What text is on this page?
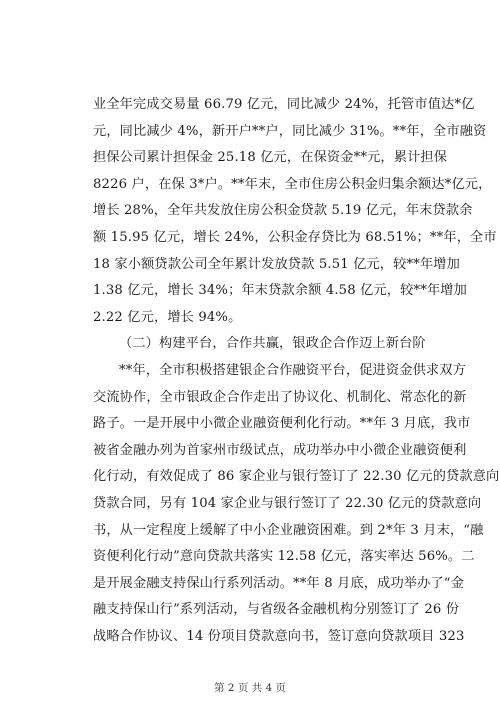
业全年完成交易量 66.79 亿元，同比减少 24%，托管市值达*亿
元，同比减少 4%，新开户**户，同比减少 31%。**年，全市融资
担保公司累计担保金 25.18 亿元，在保资金**元，累计担保
8226 户，在保 3*户。**年末，全市住房公积金归集余额达*亿元，
增长 28%，全年共发放住房公积金贷款 5.19 亿元，年末贷款余
额 15.95 亿元，增长 24%，公积金存贷比为 68.51%；**年，全市
18 家小额贷款公司全年累计发放贷款 5.51 亿元，较**年增加
1.38 亿元，增长 34%；年末贷款余额 4.58 亿元，较**年增加
2.22 亿元，增长 94%。
（二）构建平台，合作共赢，银政企合作迈上新台阶
**年，全市积极搭建银企合作融资平台，促进资金供求双方
交流协作，全市银政企合作走出了协议化、机制化、常态化的新
路子。一是开展中小微企业融资便利化行动。**年 3 月底，我市
被省金融办列为首家州市级试点，成功举办中小微企业融资便利
化行动，有效促成了 86 家企业与银行签订了 22.30 亿元的贷款意向
贷款合同，另有 104 家企业与银行签订了 22.30 亿元的贷款意向
书，从一定程度上缓解了中小企业融资困难。到 2*年 3 月末，“融
资便利化行动”意向贷款共落实 12.58 亿元，落实率达 56%。二
是开展金融支持保山行系列活动。**年 8 月底，成功举办了“金
融支持保山行”系列活动，与省级各金融机构分别签订了 26 份
战略合作协议、14 份项目贷款意向书，签订意向贷款项目 323
第 2 页 共 4 页
